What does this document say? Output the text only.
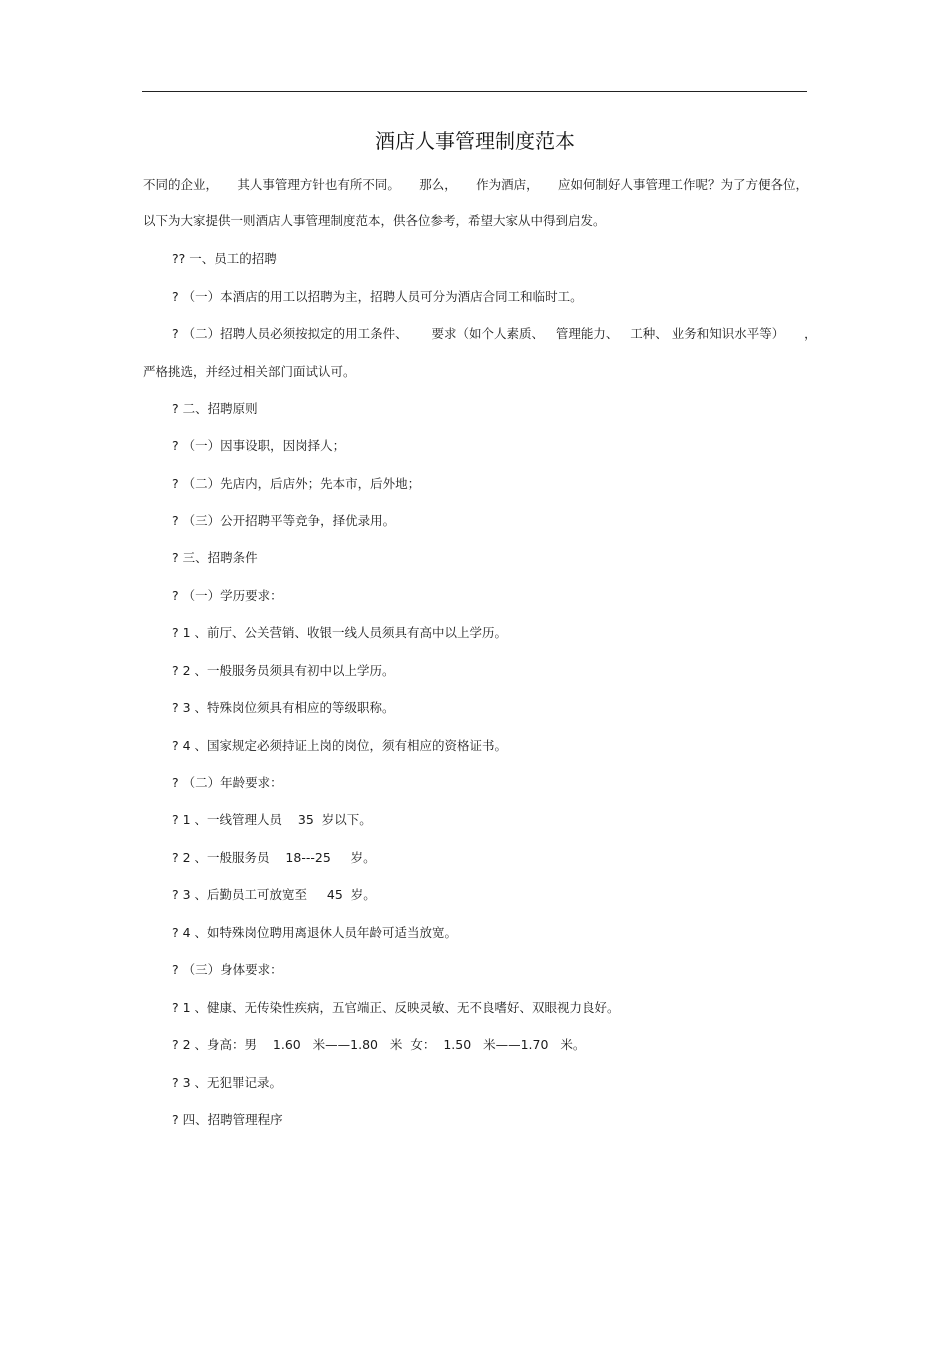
酒店人事管理制度范本
不同的企业， 其人事管理方针也有所不同。 那么， 作为酒店， 应如何制好人事管理工作呢？为了方便各位，
以下为大家提供一则酒店人事管理制度范本，供各位参考，希望大家从中得到启发。
?? 一、员工的招聘
? （一）本酒店的用工以招聘为主，招聘人员可分为酒店合同工和临时工。
? （二）招聘人员必须按拟定的用工条件、      要求（如个人素质、   管理能力、   工种、 业务和知识水平等）     ，
严格挑选，并经过相关部门面试认可。
? 二、招聘原则
? （一）因事设职，因岗择人；
? （二）先店内，后店外；先本市，后外地；
? （三）公开招聘平等竞争，择优录用。
? 三、招聘条件
? （一）学历要求：
? 1 、前厅、公关营销、收银一线人员须具有高中以上学历。
? 2 、一般服务员须具有初中以上学历。
? 3 、特殊岗位须具有相应的等级职称。
? 4 、国家规定必须持证上岗的岗位，须有相应的资格证书。
? （二）年龄要求：
? 1 、一线管理人员    35  岁以下。
? 2 、一般服务员    18---25     岁。
? 3 、后勤员工可放宽至     45  岁。
? 4 、如特殊岗位聘用离退休人员年龄可适当放宽。
? （三）身体要求：
? 1 、健康、无传染性疾病，五官端正、反映灵敏、无不良嗜好、双眼视力良好。
? 2 、身高：男    1.60   米——1.80   米  女：  1.50   米——1.70   米。
? 3 、无犯罪记录。
? 四、招聘管理程序
